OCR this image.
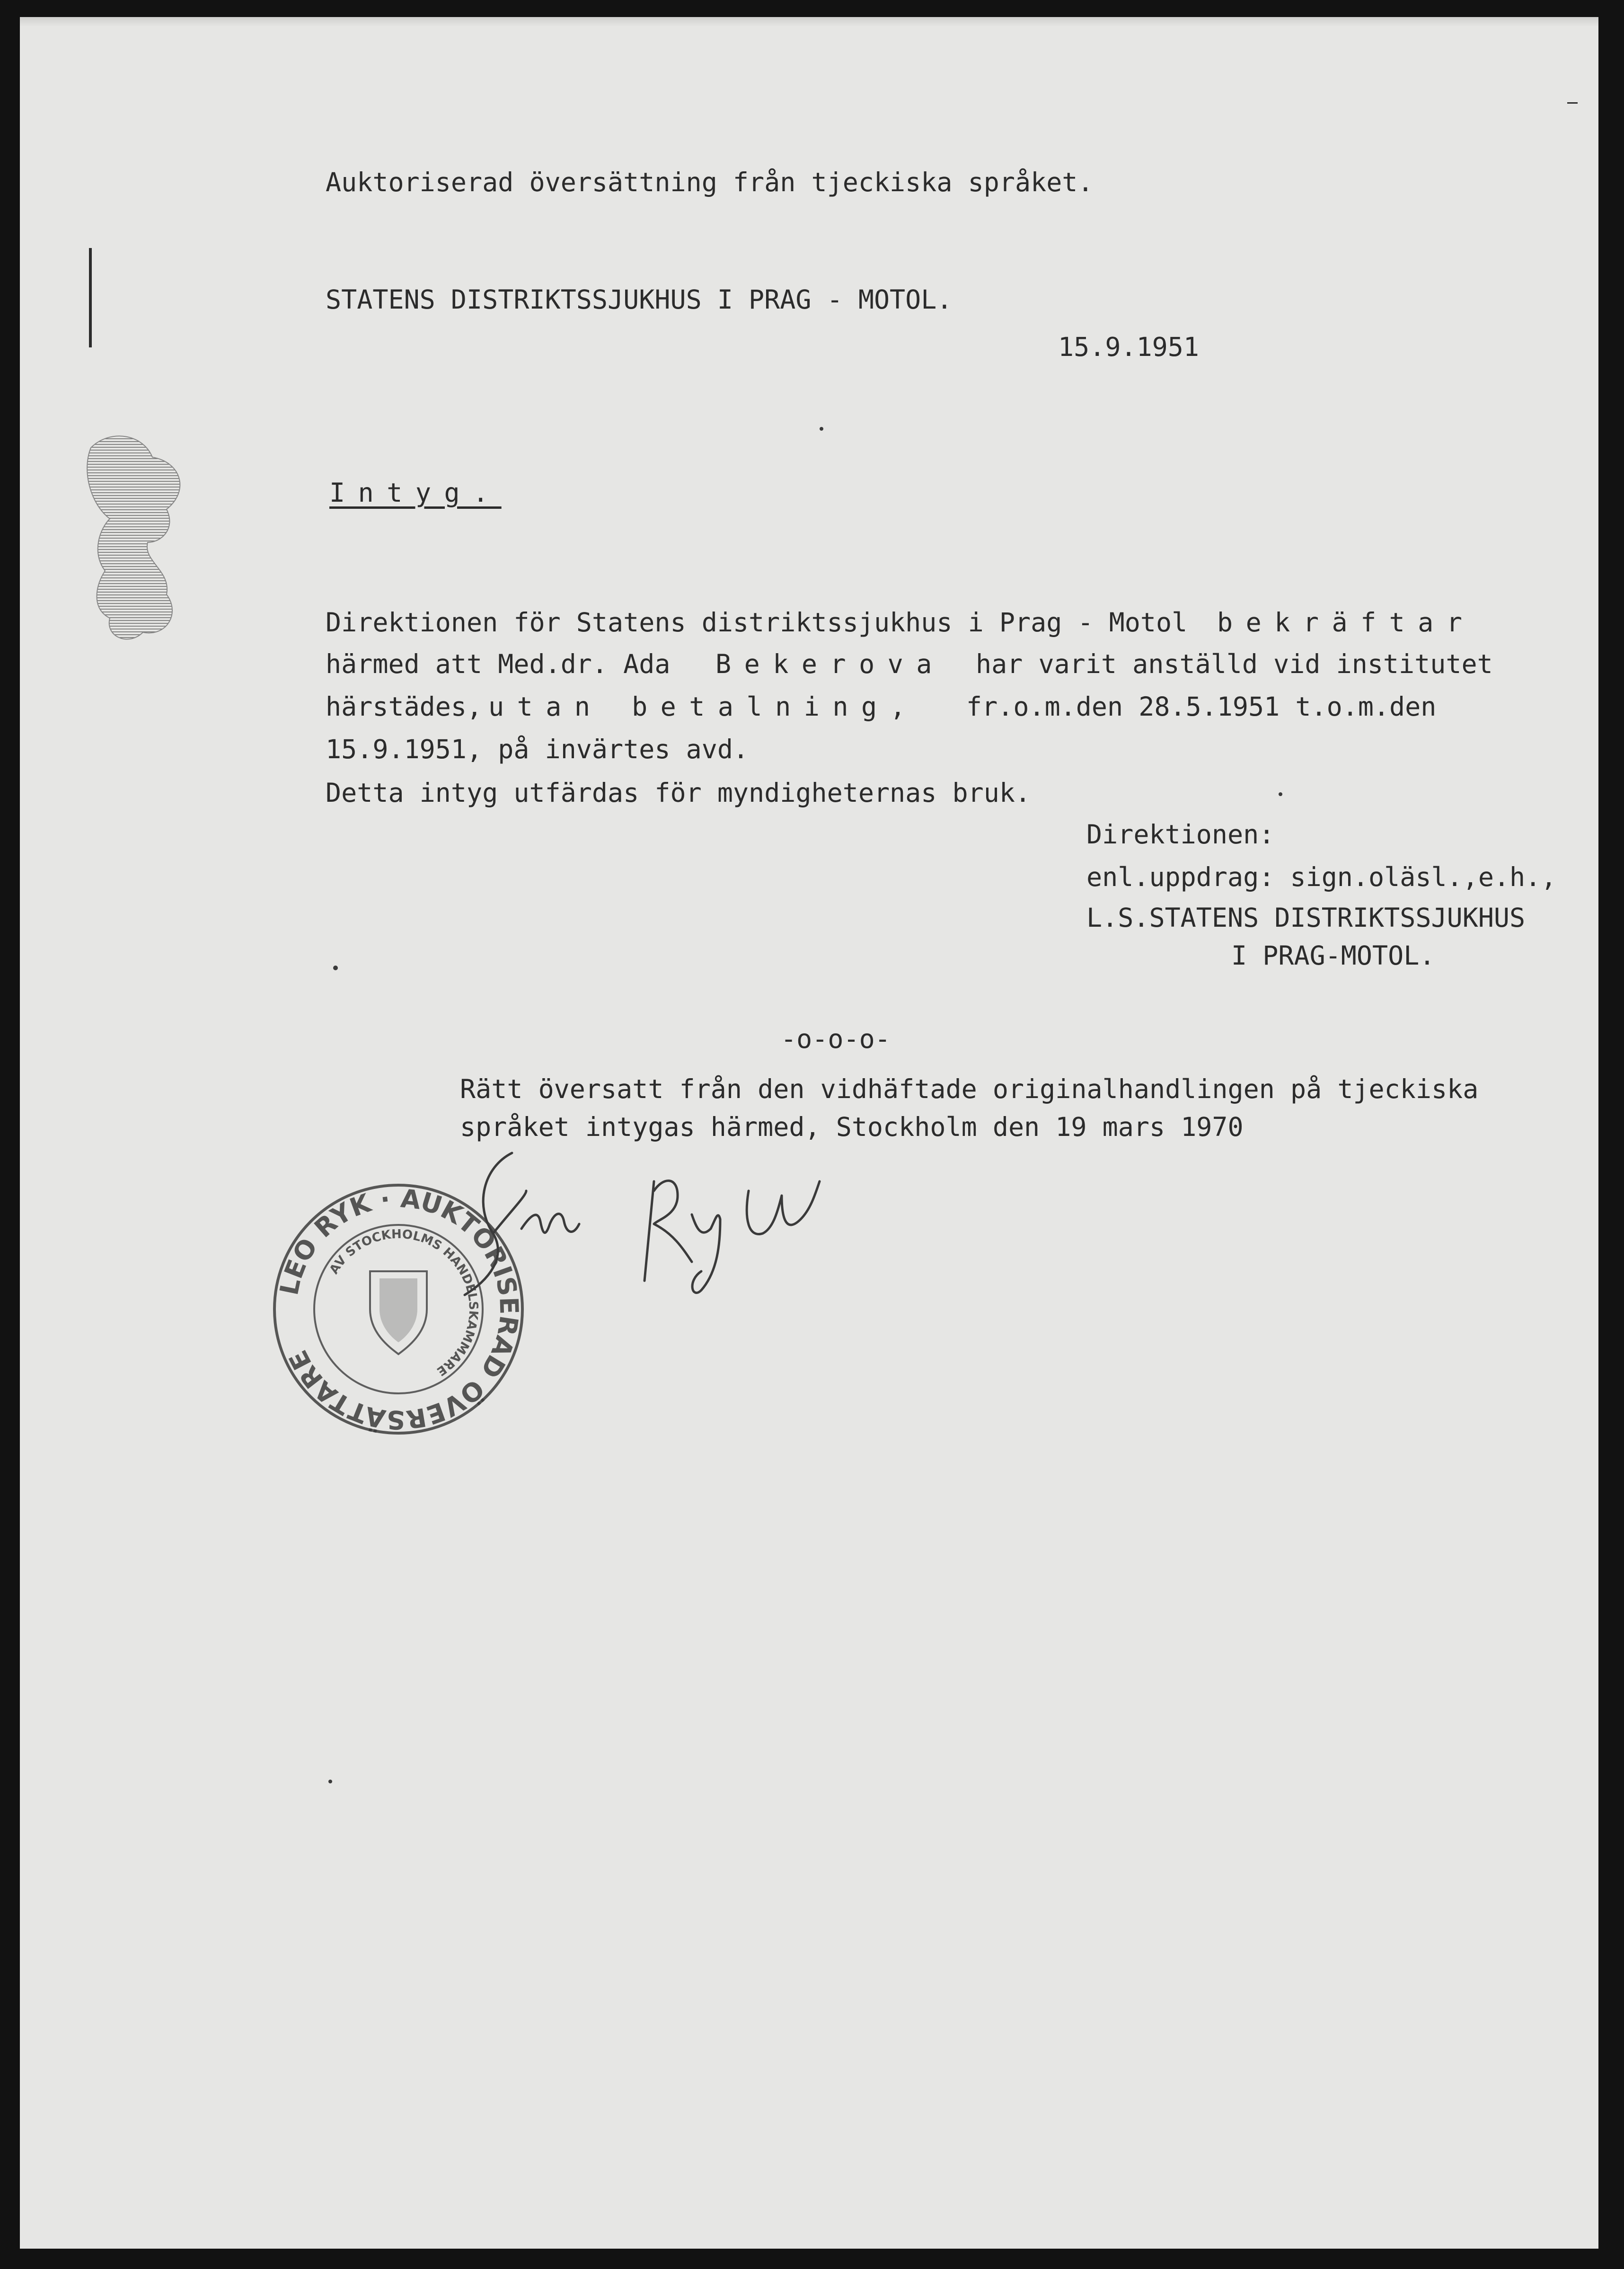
Auktoriserad översättning från tjeckiska språket.
STATENS DISTRIKTSSJUKHUS I PRAG - MOTOL.
15.9.1951
Intyg.
Direktionen för Statens distriktssjukhus i Prag - Motol bekräftar
härmed att Med.dr. Ada Bekerova har varit anställd vid institutet
härstädes, utan betalning, fr.o.m.den 28.5.1951 t.o.m.den
15.9.1951, på invärtes avd.
Detta intyg utfärdas för myndigheternas bruk.
Direktionen:
enl.uppdrag: sign.oläsl.,e.h.,
L.S.STATENS DISTRIKTSSJUKHUS
I PRAG-MOTOL.
-o-o-o-
Rätt översatt från den vidhäftade originalhandlingen på tjeckiska
språket intygas härmed, Stockholm den 19 mars 1970
LEO RYK · AUKTORISERAD ÖVERSÄTTARE
AV STOCKHOLMS HANDELSKAMMARE
